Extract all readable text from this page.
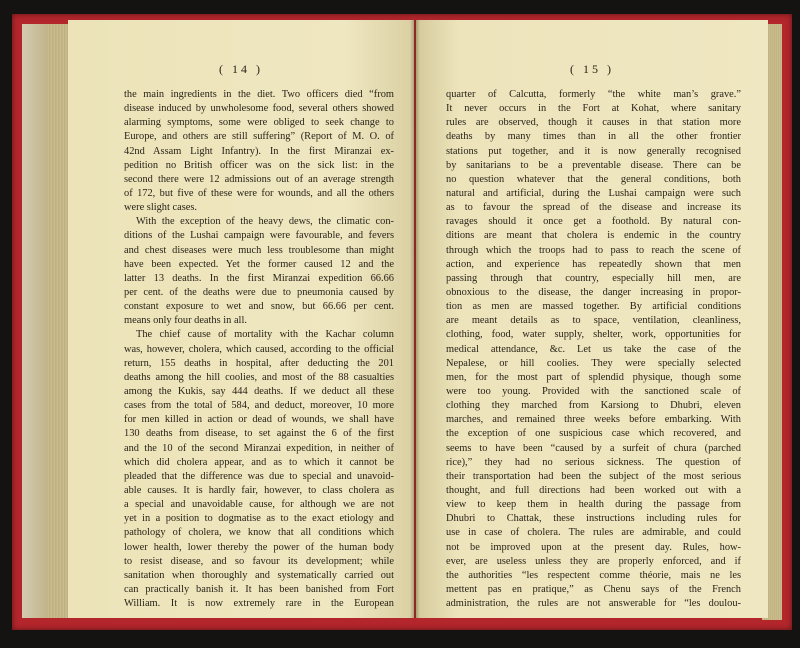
( 14 )
the main ingredients in the diet. Two officers died “from
disease induced by unwholesome food, several others showed
alarming symptoms, some were obliged to seek change to
Europe, and others are still suffering” (Report of M. O. of
42nd Assam Light Infantry). In the first Miranzai ex-
pedition no British officer was on the sick list: in the
second there were 12 admissions out of an average strength
of 172, but five of these were for wounds, and all the others
were slight cases.
With the exception of the heavy dews, the climatic con-
ditions of the Lushai campaign were favourable, and fevers
and chest diseases were much less troublesome than might
have been expected. Yet the former caused 12 and the
latter 13 deaths. In the first Miranzai expedition 66.66
per cent. of the deaths were due to pneumonia caused by
constant exposure to wet and snow, but 66.66 per cent.
means only four deaths in all.
The chief cause of mortality with the Kachar column
was, however, cholera, which caused, according to the official
return, 155 deaths in hospital, after deducting the 201
deaths among the hill coolies, and most of the 88 casualties
among the Kukis, say 444 deaths. If we deduct all these
cases from the total of 584, and deduct, moreover, 10 more
for men killed in action or dead of wounds, we shall have
130 deaths from disease, to set against the 6 of the first
and the 10 of the second Miranzai expedition, in neither of
which did cholera appear, and as to which it cannot be
pleaded that the difference was due to special and unavoid-
able causes. It is hardly fair, however, to class cholera as
a special and unavoidable cause, for although we are not
yet in a position to dogmatise as to the exact etiology and
pathology of cholera, we know that all conditions which
lower health, lower thereby the power of the human body
to resist disease, and so favour its development; while
sanitation when thoroughly and systematically carried out
can practically banish it. It has been banished from Fort
William. It is now extremely rare in the European
( 15 )
quarter of Calcutta, formerly “the white man’s grave.”
It never occurs in the Fort at Kohat, where sanitary
rules are observed, though it causes in that station more
deaths by many times than in all the other frontier
stations put together, and it is now generally recognised
by sanitarians to be a preventable disease. There can be
no question whatever that the general conditions, both
natural and artificial, during the Lushai campaign were such
as to favour the spread of the disease and increase its
ravages should it once get a foothold. By natural con-
ditions are meant that cholera is endemic in the country
through which the troops had to pass to reach the scene of
action, and experience has repeatedly shown that men
passing through that country, especially hill men, are
obnoxious to the disease, the danger increasing in propor-
tion as men are massed together. By artificial conditions
are meant details as to space, ventilation, cleanliness,
clothing, food, water supply, shelter, work, opportunities for
medical attendance, &c. Let us take the case of the
Nepalese, or hill coolies. They were specially selected
men, for the most part of splendid physique, though some
were too young. Provided with the sanctioned scale of
clothing they marched from Karsiong to Dhubri, eleven
marches, and remained three weeks before embarking. With
the exception of one suspicious case which recovered, and
seems to have been “caused by a surfeit of chura (parched
rice),” they had no serious sickness. The question of
their transportation had been the subject of the most serious
thought, and full directions had been worked out with a
view to keep them in health during the passage from
Dhubri to Chattak, these instructions including rules for
use in case of cholera. The rules are admirable, and could
not be improved upon at the present day. Rules, how-
ever, are useless unless they are properly enforced, and if
the authorities “les respectent comme théorie, mais ne les
mettent pas en pratique,” as Chenu says of the French
administration, the rules are not answerable for “les doulou-
